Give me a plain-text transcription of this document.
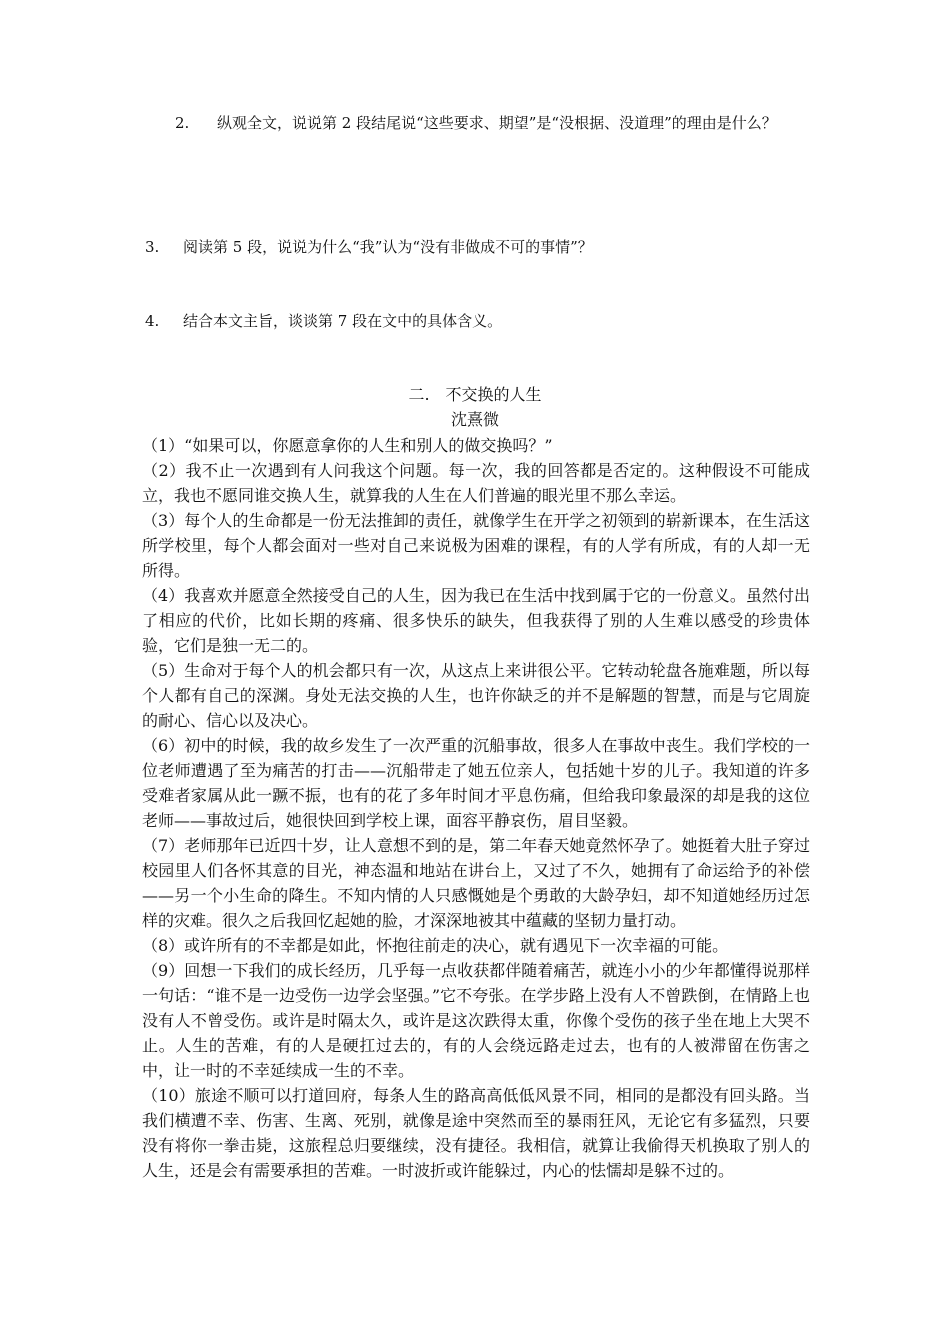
2. 纵观全文，说说第 2 段结尾说“这些要求、期望”是“没根据、没道理”的理由是什么？
3. 阅读第 5 段，说说为什么“我”认为“没有非做成不可的事情”？
4. 结合本文主旨，谈谈第 7 段在文中的具体含义。
二.　不交换的人生
沈熹微

（1）“如果可以，你愿意拿你的人生和别人的做交换吗？”

（2）我不止一次遇到有人问我这个问题。每一次，我的回答都是否定的。这种假设不可能成立，我也不愿同谁交换人生，就算我的人生在人们普遍的眼光里不那么幸运。

（3）每个人的生命都是一份无法推卸的责任，就像学生在开学之初领到的崭新课本，在生活这所学校里，每个人都会面对一些对自己来说极为困难的课程，有的人学有所成，有的人却一无所得。

（4）我喜欢并愿意全然接受自己的人生，因为我已在生活中找到属于它的一份意义。虽然付出了相应的代价，比如长期的疼痛、很多快乐的缺失，但我获得了别的人生难以感受的珍贵体验，它们是独一无二的。

（5）生命对于每个人的机会都只有一次，从这点上来讲很公平。它转动轮盘各施难题，所以每个人都有自己的深渊。身处无法交换的人生，也许你缺乏的并不是解题的智慧，而是与它周旋的耐心、信心以及决心。

（6）初中的时候，我的故乡发生了一次严重的沉船事故，很多人在事故中丧生。我们学校的一位老师遭遇了至为痛苦的打击——沉船带走了她五位亲人，包括她十岁的儿子。我知道的许多受难者家属从此一蹶不振，也有的花了多年时间才平息伤痛，但给我印象最深的却是我的这位老师——事故过后，她很快回到学校上课，面容平静哀伤，眉目坚毅。

（7）老师那年已近四十岁，让人意想不到的是，第二年春天她竟然怀孕了。她挺着大肚子穿过校园里人们各怀其意的目光，神态温和地站在讲台上，又过了不久，她拥有了命运给予的补偿——另一个小生命的降生。不知内情的人只感慨她是个勇敢的大龄孕妇，却不知道她经历过怎样的灾难。很久之后我回忆起她的脸，才深深地被其中蕴藏的坚韧力量打动。

（8）或许所有的不幸都是如此，怀抱往前走的决心，就有遇见下一次幸福的可能。

（9）回想一下我们的成长经历，几乎每一点收获都伴随着痛苦，就连小小的少年都懂得说那样一句话：“谁不是一边受伤一边学会坚强。”它不夸张。在学步路上没有人不曾跌倒，在情路上也没有人不曾受伤。或许是时隔太久，或许是这次跌得太重，你像个受伤的孩子坐在地上大哭不止。人生的苦难，有的人是硬扛过去的，有的人会绕远路走过去，也有的人被滞留在伤害之中，让一时的不幸延续成一生的不幸。

（10）旅途不顺可以打道回府，每条人生的路高高低低风景不同，相同的是都没有回头路。当我们横遭不幸、伤害、生离、死别，就像是途中突然而至的暴雨狂风，无论它有多猛烈，只要没有将你一拳击毙，这旅程总归要继续，没有捷径。我相信，就算让我偷得天机换取了别人的人生，还是会有需要承担的苦难。一时波折或许能躲过，内心的怯懦却是躲不过的。
